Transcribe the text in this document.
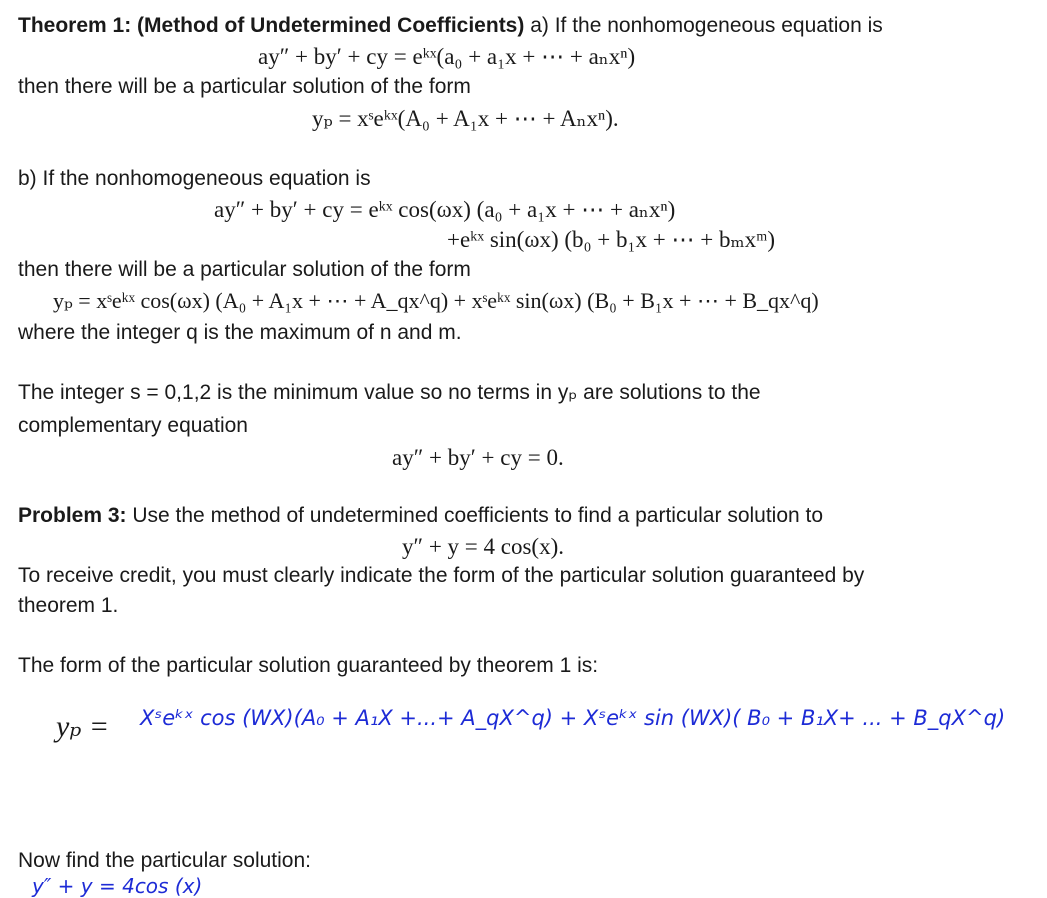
Theorem 1: (Method of Undetermined Coefficients) a) If the nonhomogeneous equation is
ay″ + by′ + cy = eᵏˣ(a₀ + a₁x + ⋯ + aₙxⁿ)
then there will be a particular solution of the form
yₚ = xˢeᵏˣ(A₀ + A₁x + ⋯ + Aₙxⁿ).
b) If the nonhomogeneous equation is
ay″ + by′ + cy = eᵏˣ cos(ωx) (a₀ + a₁x + ⋯ + aₙxⁿ)
+eᵏˣ sin(ωx) (b₀ + b₁x + ⋯ + bₘxᵐ)
then there will be a particular solution of the form
yₚ = xˢeᵏˣ cos(ωx) (A₀ + A₁x + ⋯ + A_qx^q) + xˢeᵏˣ sin(ωx) (B₀ + B₁x + ⋯ + B_qx^q)
where the integer q is the maximum of n and m.
The integer s = 0,1,2 is the minimum value so no terms in yₚ are solutions to the
complementary equation
ay″ + by′ + cy = 0.
Problem 3: Use the method of undetermined coefficients to find a particular solution to
y″ + y = 4 cos(x).
To receive credit, you must clearly indicate the form of the particular solution guaranteed by
theorem 1.
The form of the particular solution guaranteed by theorem 1 is:
yₚ = Xˢeᵏˣ cos (WX)(A₀ + A₁X +...+ A_qX^q) + Xˢeᵏˣ sin (WX)( B₀ + B₁X+ ... + B_qX^q)
Now find the particular solution:
y″ + y = 4cos (x)
